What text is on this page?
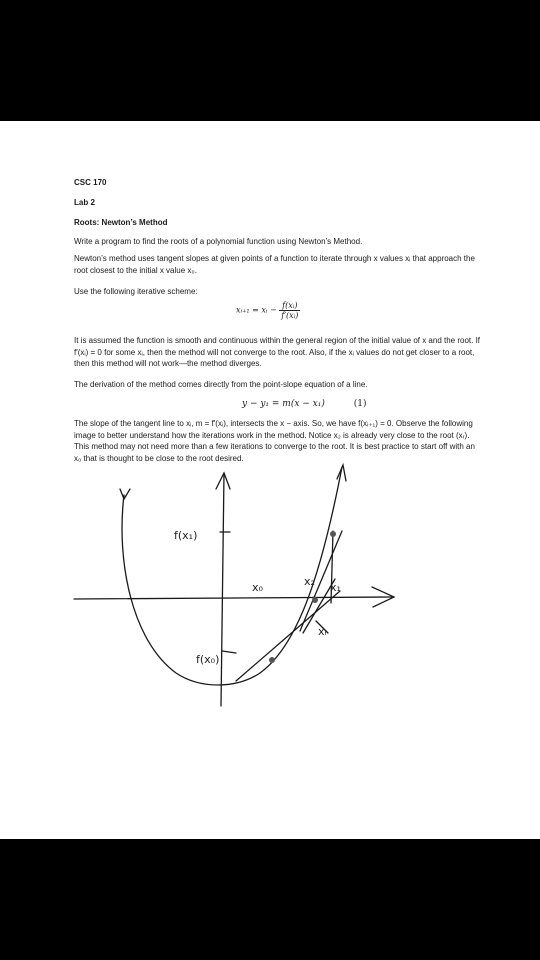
CSC 170

Lab 2

Roots: Newton’s Method

Write a program to find the roots of a polynomial function using Newton’s Method.

Newton’s method uses tangent slopes at given points of a function to iterate through x values xᵢ that approach the root closest to the initial x value x₀.

Use the following iterative scheme:

xᵢ₊₁ = xᵢ − $\frac{\text{f(xᵢ)}}{\text{f′(xᵢ)}}$

It is assumed the function is smooth and continuous within the general region of the initial value of x and the root. If f′(xᵢ) = 0 for some xᵢ, then the method will not converge to the root. Also, if the xᵢ values do not get closer to a root, then this method will not work—the method diverges.

The derivation of the method comes directly from the point-slope equation of a line.

y − y₁ = m(x − x₁)	(1)

The slope of the tangent line to xᵢ, m = f′(xᵢ), intersects the x − axis. So, we have f(xᵢ₊₁) = 0. Observe the following image to better understand how the iterations work in the method. Notice x₂ is already very close to the root (xᵣ). This method may not need more than a few iterations to converge to the root. It is best practice to start off with an x₀ that is thought to be close to the root desired.

f(x₁)
x₀	x₂ x₁
xᵣ
f(x₀)
